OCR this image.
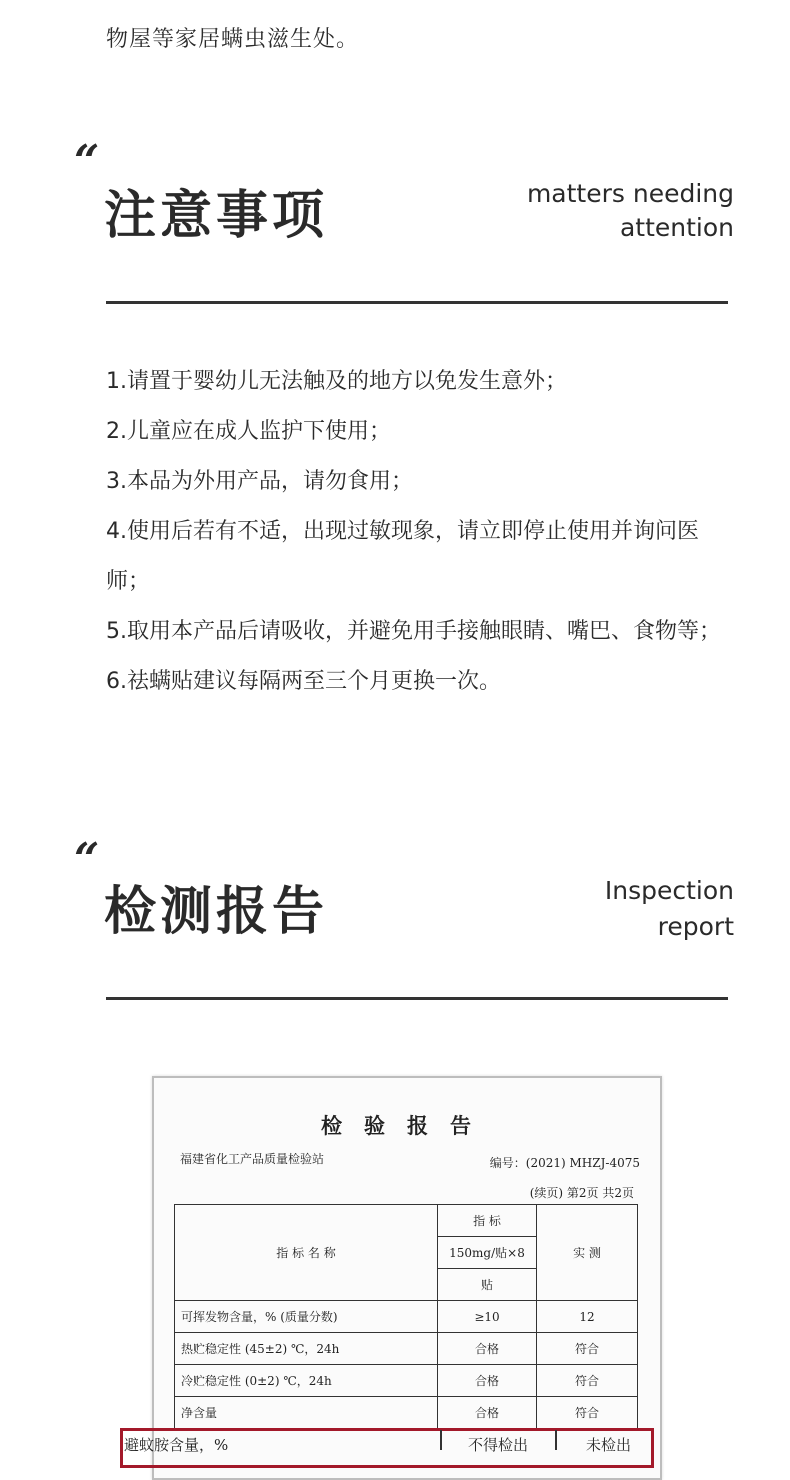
物屋等家居螨虫滋生处。
“
注意事项	matters needing
attention

1.请置于婴幼儿无法触及的地方以免发生意外；

2.儿童应在成人监护下使用；

3.本品为外用产品，请勿食用；

4.使用后若有不适，出现过敏现象，请立即停止使用并询问医师；

5.取用本产品后请吸收，并避免用手接触眼睛、嘴巴、食物等；

6.祛螨贴建议每隔两至三个月更换一次。

“
检测报告	Inspection
report
检验报告
福建省化工产品质量检验站	编号：(2021) MHZJ-4075
(续页) 第2页 共2页
指 标 名 称	指 标	实 测
	150mg/贴×8	
	贴	
可挥发物含量，% (质量分数)	≥10	12
热贮稳定性 (45±2) ℃，24h	合格	符合
冷贮稳定性 (0±2) ℃，24h	合格	符合
净含量	合格	符合
避蚊胺含量，%	不得检出	未检出
